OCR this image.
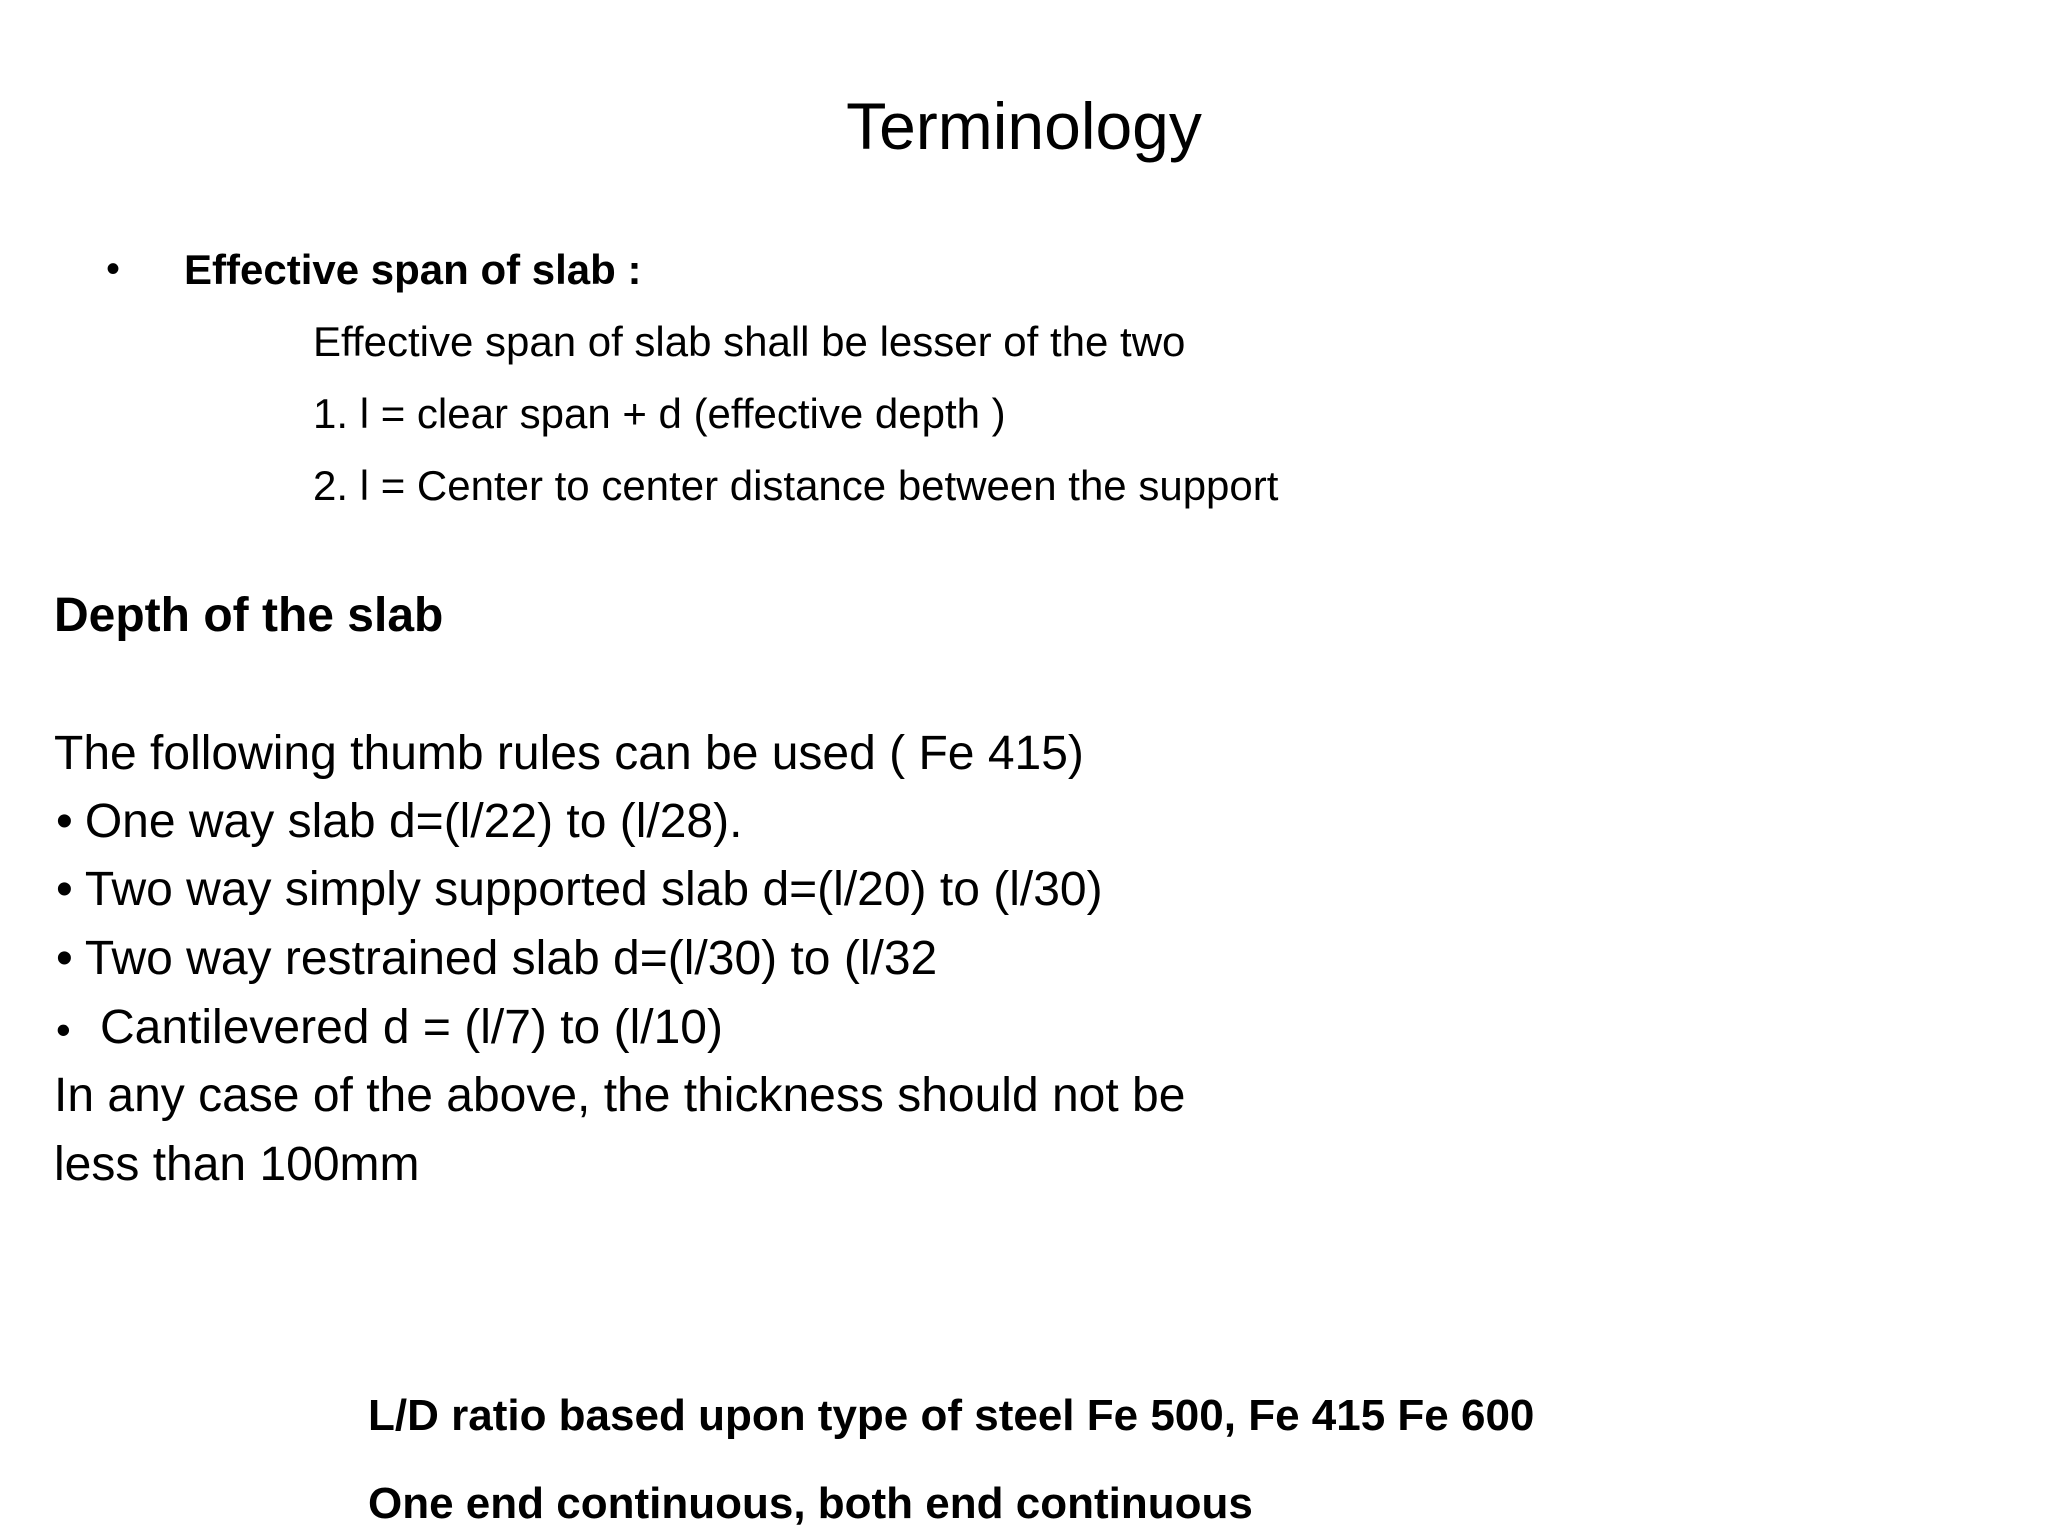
Terminology
• Effective span of slab :
Effective span of slab shall be lesser of the two
1. l = clear span + d (effective depth )
2. l = Center to center distance between the support
Depth of the slab
The following thumb rules can be used ( Fe 415)
• One way slab d=(l/22) to (l/28).
• Two way simply supported slab d=(l/20) to (l/30)
• Two way restrained slab d=(l/30) to (l/32
• Cantilevered d = (l/7) to (l/10)
In any case of the above, the thickness should not be
less than 100mm
L/D ratio based upon type of steel Fe 500, Fe 415 Fe 600
One end continuous, both end continuous
